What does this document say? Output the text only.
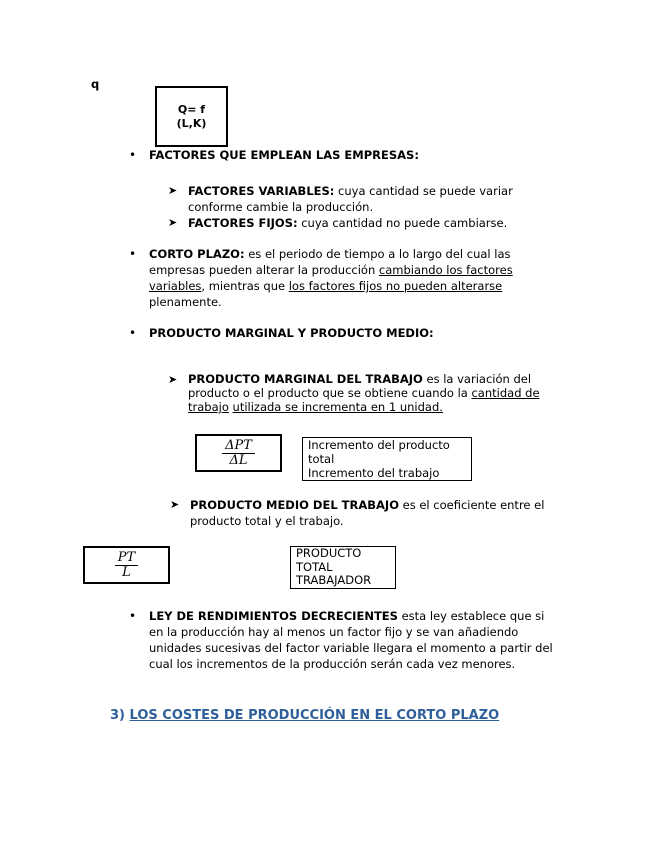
q
Q= f
(L,K)
• FACTORES QUE EMPLEAN LAS EMPRESAS:
➤ FACTORES VARIABLES: cuya cantidad se puede variar
conforme cambie la producción.
➤ FACTORES FIJOS: cuya cantidad no puede cambiarse.
• CORTO PLAZO: es el periodo de tiempo a lo largo del cual las
empresas pueden alterar la producción cambiando los factores
variables, mientras que los factores fijos no pueden alterarse
plenamente.
• PRODUCTO MARGINAL Y PRODUCTO MEDIO:
➤ PRODUCTO MARGINAL DEL TRABAJO es la variación del
producto o el producto que se obtiene cuando la cantidad de
trabajo utilizada se incrementa en 1 unidad.
$\frac{\text{ΔPT}}{\Delta L}$	Incremento del producto
total
Incremento del trabajo
➤ PRODUCTO MEDIO DEL TRABAJO es el coeficiente entre el
producto total y el trabajo.
$\frac{PT}{L}$	PRODUCTO
TOTAL
TRABAJADOR
• LEY DE RENDIMIENTOS DECRECIENTES esta ley establece que si
en la producción hay al menos un factor fijo y se van añadiendo
unidades sucesivas del factor variable llegara el momento a partir del
cual los incrementos de la producción serán cada vez menores.
3) LOS COSTES DE PRODUCCIÓN EN EL CORTO PLAZO
